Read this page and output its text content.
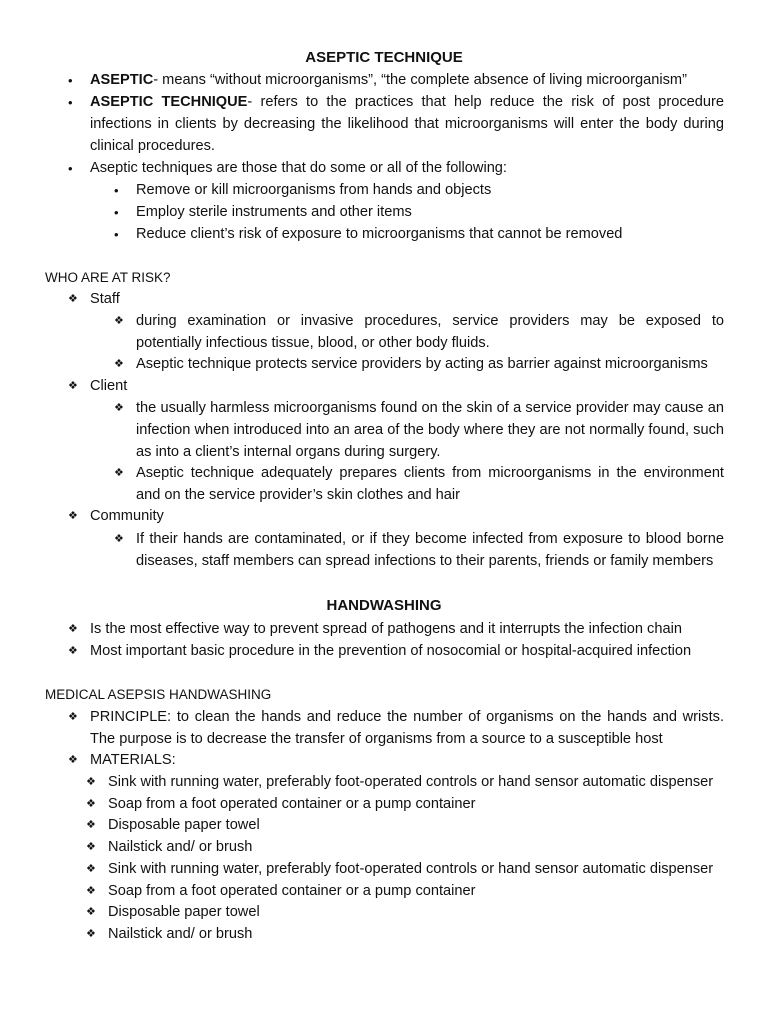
ASEPTIC TECHNIQUE
• ASEPTIC- means “without microorganisms”, “the complete absence of living microorganism”
• ASEPTIC TECHNIQUE- refers to the practices that help reduce the risk of post procedure infections in clients by decreasing the likelihood that microorganisms will enter the body during clinical procedures.
• Aseptic techniques are those that do some or all of the following:
• Remove or kill microorganisms from hands and objects
• Employ sterile instruments and other items
• Reduce client’s risk of exposure to microorganisms that cannot be removed
WHO ARE AT RISK?
❖ Staff
❖ during examination or invasive procedures, service providers may be exposed to potentially infectious tissue, blood, or other body fluids.
❖ Aseptic technique protects service providers by acting as barrier against microorganisms
❖ Client
❖ the usually harmless microorganisms found on the skin of a service provider may cause an infection when introduced into an area of the body where they are not normally found, such as into a client’s internal organs during surgery.
❖ Aseptic technique adequately prepares clients from microorganisms in the environment and on the service provider’s skin clothes and hair
❖ Community
❖ If their hands are contaminated, or if they become infected from exposure to blood borne diseases, staff members can spread infections to their parents, friends or family members
HANDWASHING
❖ Is the most effective way to prevent spread of pathogens and it interrupts the infection chain
❖ Most important basic procedure in the prevention of nosocomial or hospital-acquired infection
MEDICAL ASEPSIS HANDWASHING
❖ PRINCIPLE: to clean the hands and reduce the number of organisms on the hands and wrists. The purpose is to decrease the transfer of organisms from a source to a susceptible host
❖ MATERIALS:
❖ Sink with running water, preferably foot-operated controls or hand sensor automatic dispenser
❖ Soap from a foot operated container or a pump container
❖ Disposable paper towel
❖ Nailstick and/ or brush
❖ Sink with running water, preferably foot-operated controls or hand sensor automatic dispenser
❖ Soap from a foot operated container or a pump container
❖ Disposable paper towel
❖ Nailstick and/ or brush
